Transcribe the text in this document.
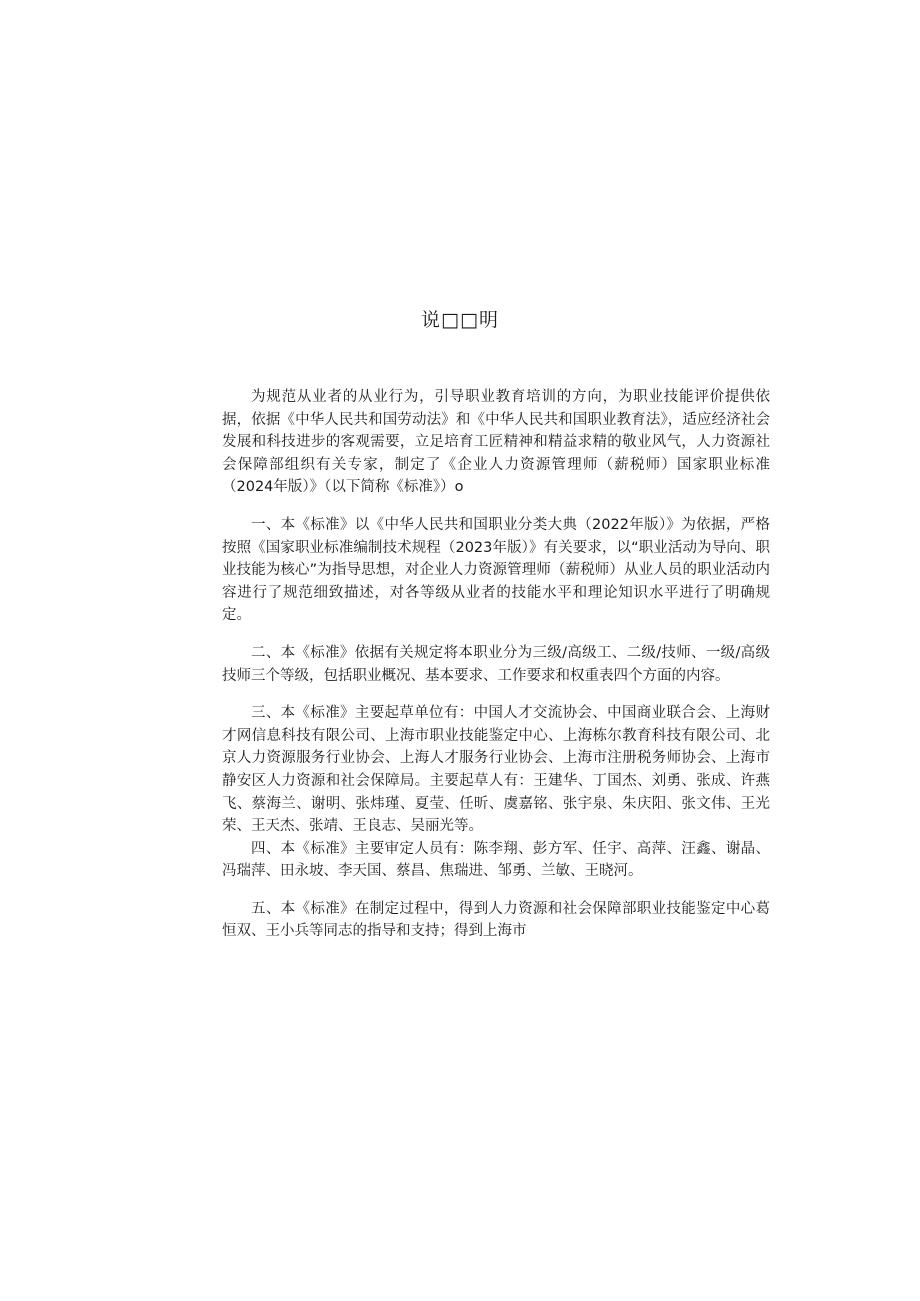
说□□明

为规范从业者的从业行为，引导职业教育培训的方向，为职业技能评价提供依据，依据《中华人民共和国劳动法》和《中华人民共和国职业教育法》，适应经济社会发展和科技进步的客观需要，立足培育工匠精神和精益求精的敬业风气，人力资源社会保障部组织有关专家，制定了《企业人力资源管理师（薪税师）国家职业标准（2024年版）》（以下简称《标准》）o

一、本《标准》以《中华人民共和国职业分类大典（2022年版）》为依据，严格按照《国家职业标准编制技术规程（2023年版）》有关要求，以“职业活动为导向、职业技能为核心”为指导思想，对企业人力资源管理师（薪税师）从业人员的职业活动内容进行了规范细致描述，对各等级从业者的技能水平和理论知识水平进行了明确规定。

二、本《标准》依据有关规定将本职业分为三级/高级工、二级/技师、一级/高级技师三个等级，包括职业概况、基本要求、工作要求和权重表四个方面的内容。

三、本《标准》主要起草单位有：中国人才交流协会、中国商业联合会、上海财才网信息科技有限公司、上海市职业技能鉴定中心、上海栋尔教育科技有限公司、北京人力资源服务行业协会、上海人才服务行业协会、上海市注册税务师协会、上海市静安区人力资源和社会保障局。主要起草人有：王建华、丁国杰、刘勇、张成、许燕飞、蔡海兰、谢明、张炜瑾、夏莹、任昕、虞嘉铭、张宇泉、朱庆阳、张文伟、王光荣、王天杰、张靖、王良志、吴丽光等。

四、本《标准》主要审定人员有：陈李翔、彭方军、任宇、高萍、汪鑫、谢晶、冯瑞萍、田永坡、李天国、蔡昌、焦瑞进、邹勇、兰敏、王晓河。

五、本《标准》在制定过程中，得到人力资源和社会保障部职业技能鉴定中心葛恒双、王小兵等同志的指导和支持；得到上海市
